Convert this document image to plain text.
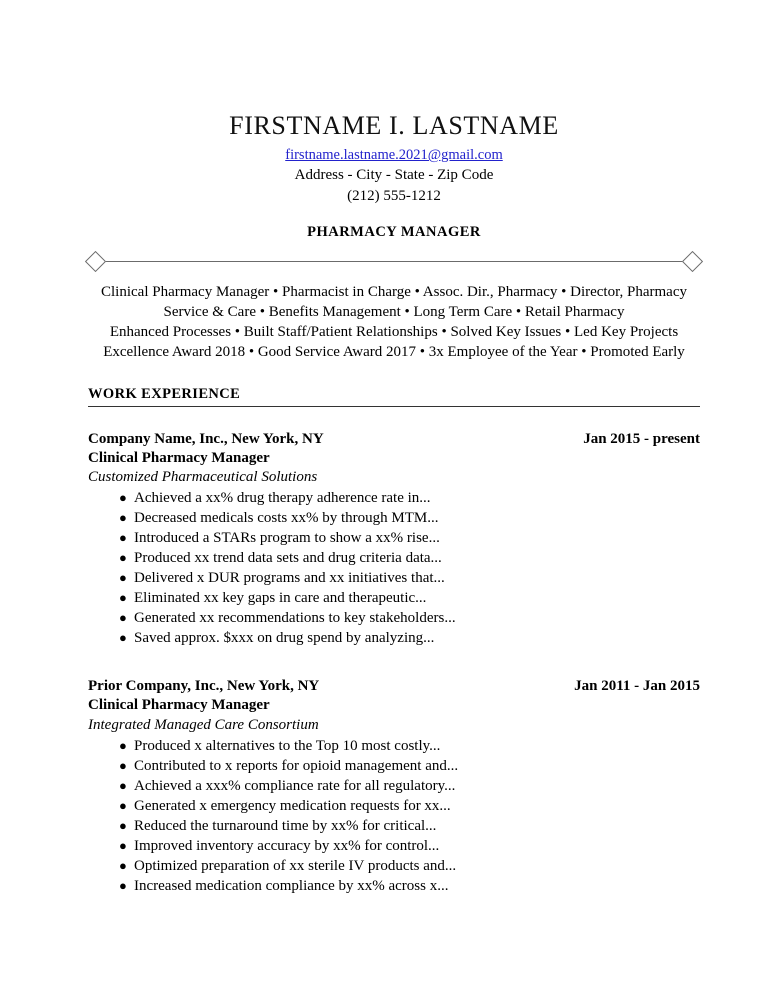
FIRSTNAME I. LASTNAME
firstname.lastname.2021@gmail.com
Address - City - State - Zip Code
(212) 555-1212
PHARMACY MANAGER
Clinical Pharmacy Manager • Pharmacist in Charge • Assoc. Dir., Pharmacy • Director, Pharmacy
Service & Care • Benefits Management • Long Term Care • Retail Pharmacy
Enhanced Processes • Built Staff/Patient Relationships • Solved Key Issues • Led Key Projects
Excellence Award 2018 • Good Service Award 2017 • 3x Employee of the Year • Promoted Early
WORK EXPERIENCE
Company Name, Inc., New York, NY	Jan 2015 - present
Clinical Pharmacy Manager
Customized Pharmaceutical Solutions
● Achieved a xx% drug therapy adherence rate in...
● Decreased medicals costs xx% by through MTM...
● Introduced a STARs program to show a xx% rise...
● Produced xx trend data sets and drug criteria data...
● Delivered x DUR programs and xx initiatives that...
● Eliminated xx key gaps in care and therapeutic...
● Generated xx recommendations to key stakeholders...
● Saved approx. $xxx on drug spend by analyzing...
Prior Company, Inc., New York, NY	Jan 2011 - Jan 2015
Clinical Pharmacy Manager
Integrated Managed Care Consortium
● Produced x alternatives to the Top 10 most costly...
● Contributed to x reports for opioid management and...
● Achieved a xxx% compliance rate for all regulatory...
● Generated x emergency medication requests for xx...
● Reduced the turnaround time by xx% for critical...
● Improved inventory accuracy by xx% for control...
● Optimized preparation of xx sterile IV products and...
● Increased medication compliance by xx% across x...
